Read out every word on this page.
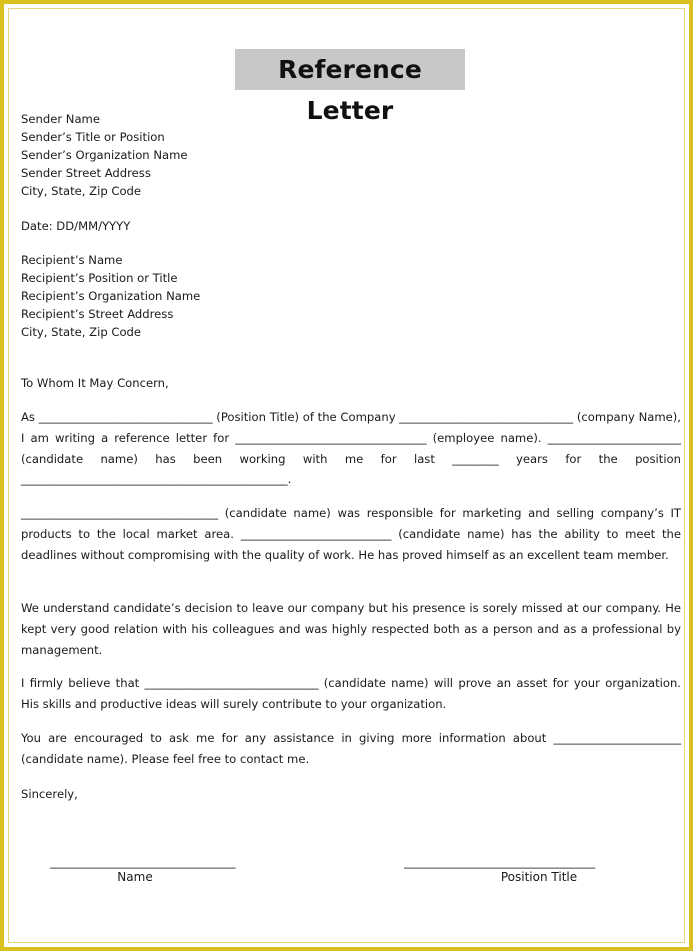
Reference Letter
Sender Name
Sender’s Title or Position
Sender’s Organization Name
Sender Street Address
City, State, Zip Code
Date: DD/MM/YYYY
Recipient’s Name
Recipient’s Position or Title
Recipient’s Organization Name
Recipient’s Street Address
City, State, Zip Code

To Whom It May Concern,

As ______________________________ (Position Title) of the Company ______________________________ (company Name), I am writing a reference letter for _________________________________ (employee name). _______________________ (candidate name) has been working with me for last ________ years for the position ______________________________________________.

__________________________________ (candidate name) was responsible for marketing and selling company’s IT products to the local market area. __________________________ (candidate name) has the ability to meet the deadlines without compromising with the quality of work. He has proved himself as an excellent team member.

We understand candidate’s decision to leave our company but his presence is sorely missed at our company. He kept very good relation with his colleagues and was highly respected both as a person and as a professional by management.

I firmly believe that ______________________________ (candidate name) will prove an asset for your organization. His skills and productive ideas will surely contribute to your organization.

You are encouraged to ask me for any assistance in giving more information about ______________________ (candidate name). Please feel free to contact me.

Sincerely,

________________________________
Name
_________________________________
Position Title
